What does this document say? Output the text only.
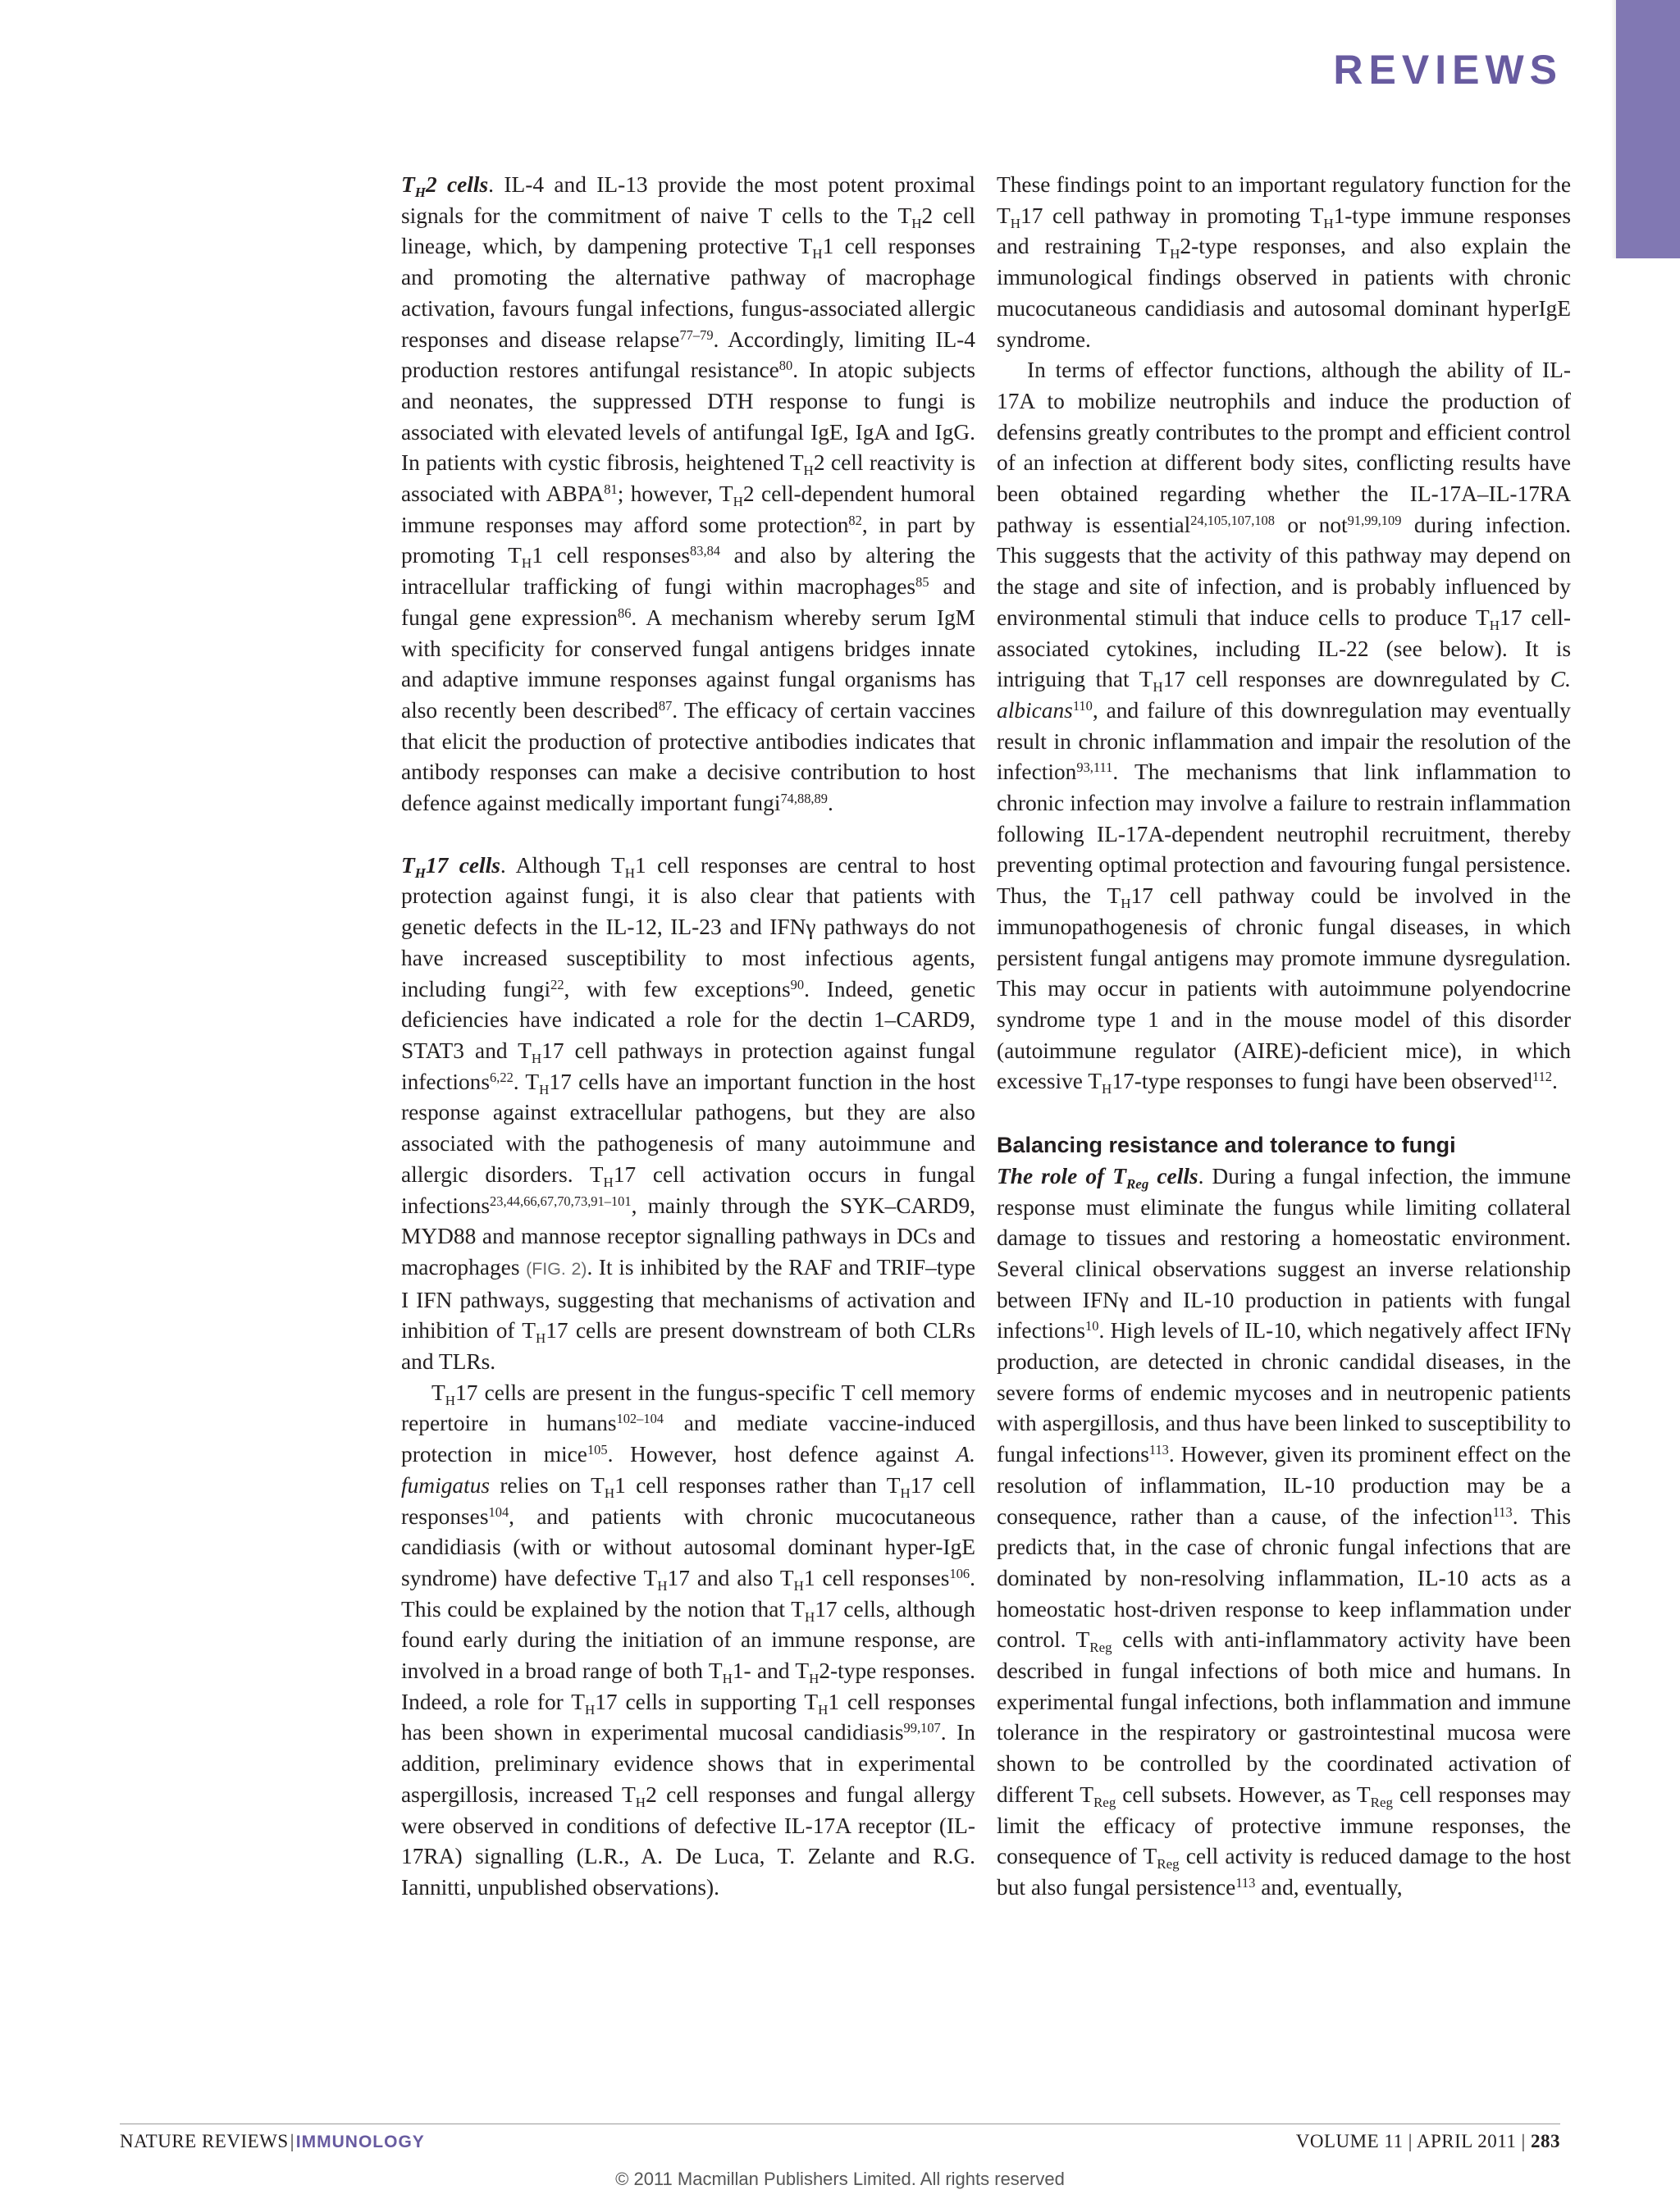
REVIEWS

$T_H2$ cells. IL-4 and IL-13 provide the most potent proximal signals for the commitment of naive T cells to the $T_H2$ cell lineage, which, by dampening protective $T_H1$ cell responses and promoting the alternative pathway of macrophage activation, favours fungal infections, fungus-associated allergic responses and disease relapse$^{77-79}$. Accordingly, limiting IL-4 production restores antifungal resistance$^{80}$. In atopic subjects and neonates, the suppressed DTH response to fungi is associated with elevated levels of antifungal IgE, IgA and IgG. In patients with cystic fibrosis, heightened $T_H2$ cell reactivity is associated with ABPA$^{81}$; however, $T_H2$ cell-dependent humoral immune responses may afford some protection$^{82}$, in part by promoting $T_H1$ cell responses$^{83,84}$ and also by altering the intracellular trafficking of fungi within macrophages$^{85}$ and fungal gene expression$^{86}$. A mechanism whereby serum IgM with specificity for conserved fungal antigens bridges innate and adaptive immune responses against fungal organisms has also recently been described$^{87}$. The efficacy of certain vaccines that elicit the production of protective antibodies indicates that antibody responses can make a decisive contribution to host defence against medically important fungi$^{74,88,89}$.

$T_H17$ cells. Although $T_H1$ cell responses are central to host protection against fungi, it is also clear that patients with genetic defects in the IL-12, IL-23 and IFNγ pathways do not have increased susceptibility to most infectious agents, including fungi$^{22}$, with few exceptions$^{90}$. Indeed, genetic deficiencies have indicated a role for the dectin 1–CARD9, STAT3 and $T_H17$ cell pathways in protection against fungal infections$^{6,22}$. $T_H17$ cells have an important function in the host response against extracellular pathogens, but they are also associated with the pathogenesis of many autoimmune and allergic disorders. $T_H17$ cell activation occurs in fungal infections$^{23,44,66,67,70,73,91-101}$, mainly through the SYK–CARD9, MYD88 and mannose receptor signalling pathways in DCs and macrophages (FIG. 2). It is inhibited by the RAF and TRIF–type I IFN pathways, suggesting that mechanisms of activation and inhibition of $T_H17$ cells are present downstream of both CLRs and TLRs.

$T_H17$ cells are present in the fungus-specific T cell memory repertoire in humans$^{102-104}$ and mediate vaccine-induced protection in mice$^{105}$. However, host defence against A. fumigatus relies on $T_H1$ cell responses rather than $T_H17$ cell responses$^{104}$, and patients with chronic mucocutaneous candidiasis (with or without autosomal dominant hyper-IgE syndrome) have defective $T_H17$ and also $T_H1$ cell responses$^{106}$. This could be explained by the notion that $T_H17$ cells, although found early during the initiation of an immune response, are involved in a broad range of both $T_H1-$ and $T_H2$-type responses. Indeed, a role for $T_H17$ cells in supporting $T_H1$ cell responses has been shown in experimental mucosal candidiasis$^{99,107}$. In addition, preliminary evidence shows that in experimental aspergillosis, increased $T_H2$ cell responses and fungal allergy were observed in conditions of defective IL-17A receptor (IL-17RA) signalling (L.R., A. De Luca, T. Zelante and R.G. Iannitti, unpublished observations).

These findings point to an important regulatory function for the $T_H17$ cell pathway in promoting $T_H1$-type immune responses and restraining $T_H2$-type responses, and also explain the immunological findings observed in patients with chronic mucocutaneous candidiasis and autosomal dominant hyperIgE syndrome.

In terms of effector functions, although the ability of IL-17A to mobilize neutrophils and induce the production of defensins greatly contributes to the prompt and efficient control of an infection at different body sites, conflicting results have been obtained regarding whether the IL-17A–IL-17RA pathway is essential$^{24,105,107,108}$ or not$^{91,99,109}$ during infection. This suggests that the activity of this pathway may depend on the stage and site of infection, and is probably influenced by environmental stimuli that induce cells to produce $T_H17$ cell-associated cytokines, including IL-22 (see below). It is intriguing that $T_H17$ cell responses are downregulated by C. albicans$^{110}$, and failure of this downregulation may eventually result in chronic inflammation and impair the resolution of the infection$^{93,111}$. The mechanisms that link inflammation to chronic infection may involve a failure to restrain inflammation following IL-17A-dependent neutrophil recruitment, thereby preventing optimal protection and favouring fungal persistence. Thus, the $T_H17$ cell pathway could be involved in the immunopathogenesis of chronic fungal diseases, in which persistent fungal antigens may promote immune dysregulation. This may occur in patients with autoimmune polyendocrine syndrome type 1 and in the mouse model of this disorder (autoimmune regulator (AIRE)-deficient mice), in which excessive $T_H17$-type responses to fungi have been observed$^{112}$.

Balancing resistance and tolerance to fungi

The role of $T_{Reg}$ cells. During a fungal infection, the immune response must eliminate the fungus while limiting collateral damage to tissues and restoring a homeostatic environment. Several clinical observations suggest an inverse relationship between IFNγ and IL-10 production in patients with fungal infections$^{10}$. High levels of IL-10, which negatively affect IFNγ production, are detected in chronic candidal diseases, in the severe forms of endemic mycoses and in neutropenic patients with aspergillosis, and thus have been linked to susceptibility to fungal infections$^{113}$. However, given its prominent effect on the resolution of inflammation, IL-10 production may be a consequence, rather than a cause, of the infection$^{113}$. This predicts that, in the case of chronic fungal infections that are dominated by non-resolving inflammation, IL-10 acts as a homeostatic host-driven response to keep inflammation under control. $T_{Reg}$ cells with anti-inflammatory activity have been described in fungal infections of both mice and humans. In experimental fungal infections, both inflammation and immune tolerance in the respiratory or gastrointestinal mucosa were shown to be controlled by the coordinated activation of different $T_{Reg}$ cell subsets. However, as $T_{Reg}$ cell responses may limit the efficacy of protective immune responses, the consequence of $T_{Reg}$ cell activity is reduced damage to the host but also fungal persistence$^{113}$ and, eventually,

NATURE REVIEWS|IMMUNOLOGY	VOLUME 11 | APRIL 2011 | 283
© 2011 Macmillan Publishers Limited. All rights reserved
